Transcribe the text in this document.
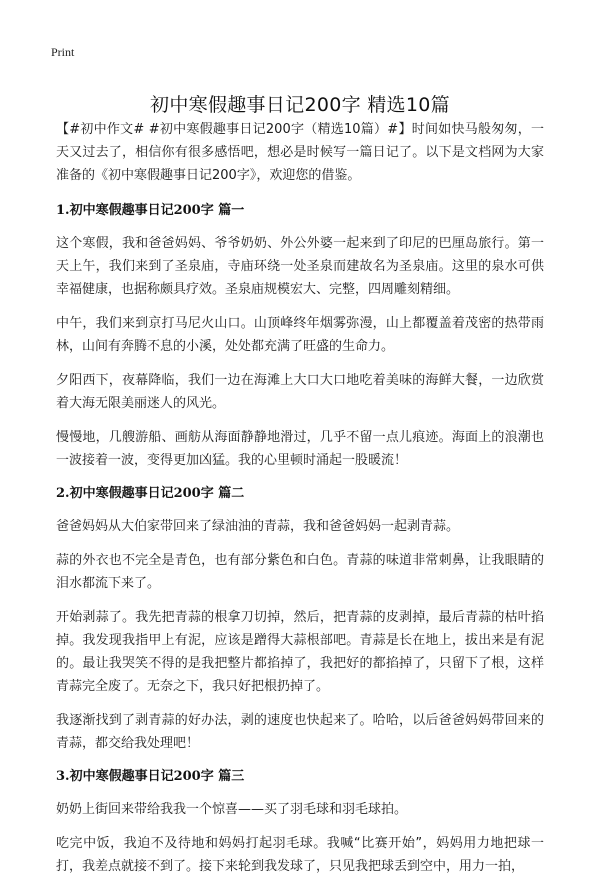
Print
初中寒假趣事日记200字 精选10篇

【#初中作文# #初中寒假趣事日记200字（精选10篇）#】时间如快马般匆匆，一天又过去了，相信你有很多感悟吧，想必是时候写一篇日记了。以下是文档网为大家准备的《初中寒假趣事日记200字》，欢迎您的借鉴。

1.初中寒假趣事日记200字 篇一

这个寒假，我和爸爸妈妈、爷爷奶奶、外公外婆一起来到了印尼的巴厘岛旅行。第一天上午，我们来到了圣泉庙，寺庙环绕一处圣泉而建故名为圣泉庙。这里的泉水可供幸福健康，也据称颇具疗效。圣泉庙规模宏大、完整，四周雕刻精细。

中午，我们来到京打马尼火山口。山顶峰终年烟雾弥漫，山上都覆盖着茂密的热带雨林，山间有奔腾不息的小溪，处处都充满了旺盛的生命力。

夕阳西下，夜幕降临，我们一边在海滩上大口大口地吃着美味的海鲜大餐，一边欣赏着大海无限美丽迷人的风光。

慢慢地，几艘游船、画舫从海面静静地滑过，几乎不留一点儿痕迹。海面上的浪潮也一波接着一波，变得更加凶猛。我的心里顿时涌起一股暖流！

2.初中寒假趣事日记200字 篇二

爸爸妈妈从大伯家带回来了绿油油的青蒜，我和爸爸妈妈一起剥青蒜。

蒜的外衣也不完全是青色，也有部分紫色和白色。青蒜的味道非常刺鼻，让我眼睛的泪水都流下来了。

开始剥蒜了。我先把青蒜的根拿刀切掉，然后，把青蒜的皮剥掉，最后青蒜的枯叶掐掉。我发现我指甲上有泥，应该是蹭得大蒜根部吧。青蒜是长在地上，拔出来是有泥的。最让我哭笑不得的是我把整片都掐掉了，我把好的都掐掉了，只留下了根，这样青蒜完全废了。无奈之下，我只好把根扔掉了。

我逐渐找到了剥青蒜的好办法，剥的速度也快起来了。哈哈，以后爸爸妈妈带回来的青蒜，都交给我处理吧！

3.初中寒假趣事日记200字 篇三

奶奶上街回来带给我我一个惊喜——买了羽毛球和羽毛球拍。

吃完中饭，我迫不及待地和妈妈打起羽毛球。我喊“比赛开始”，妈妈用力地把球一打，我差点就接不到了。接下来轮到我发球了，只见我把球丢到空中，用力一拍，
